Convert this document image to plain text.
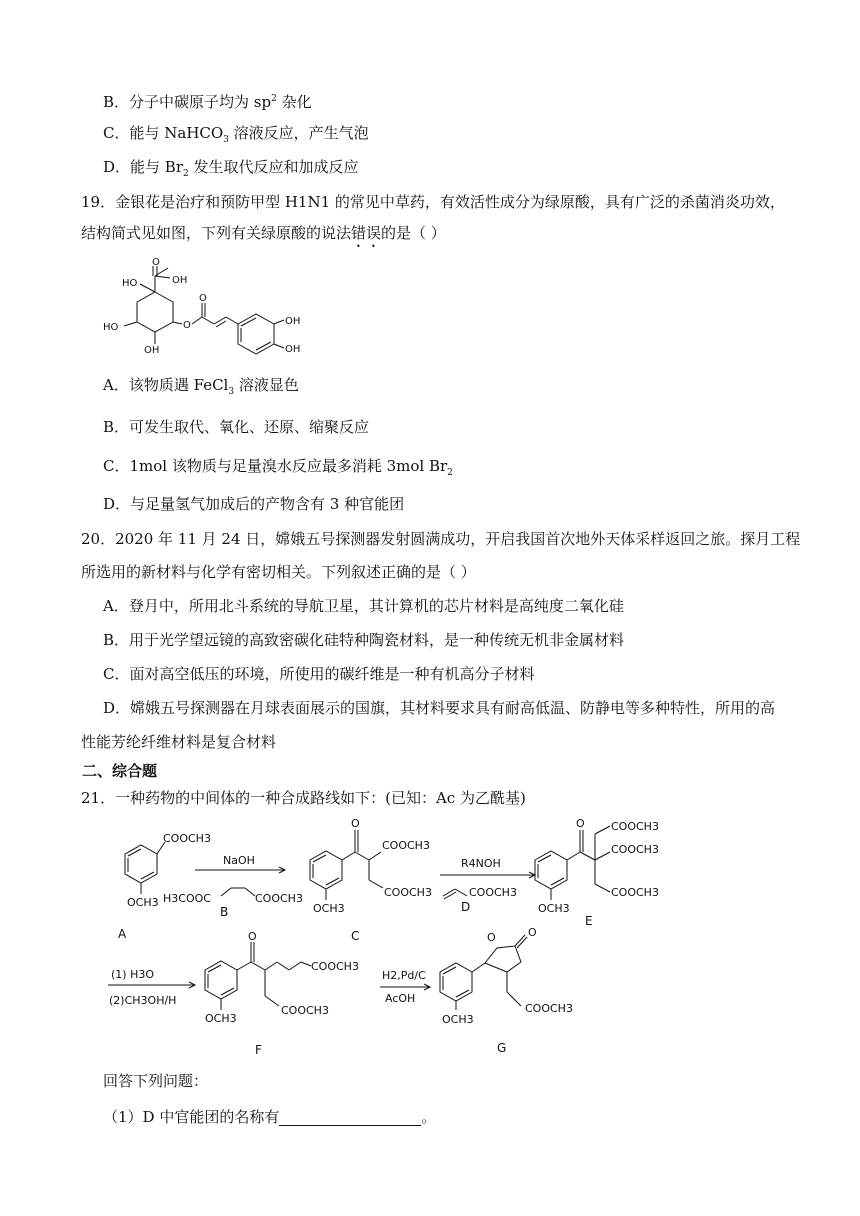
B．分子中碳原子均为 $sp^2$ 杂化
C．能与 NaHCO$_3$ 溶液反应，产生气泡
D．能与 $Br_2$ 发生取代反应和加成反应
19．金银花是治疗和预防甲型 H1N1 的常见中草药，有效活性成分为绿原酸，具有广泛的杀菌消炎功效，
结构简式见如图，下列有关绿原酸的说法错误的是（ ）
HO
O
OH
HO
OH
O
O
OH
OH
A．该物质遇 FeCl$_3$ 溶液显色
B．可发生取代、氧化、还原、缩聚反应
C．1mol 该物质与足量溴水反应最多消耗 3mol $Br_2$
D．与足量氢气加成后的产物含有 3 种官能团
20．2020 年 11 月 24 日，嫦娥五号探测器发射圆满成功，开启我国首次地外天体采样返回之旅。探月工程
所选用的新材料与化学有密切相关。下列叙述正确的是（ ）
A．登月中，所用北斗系统的导航卫星，其计算机的芯片材料是高纯度二氧化硅
B．用于光学望远镜的高致密碳化硅特种陶瓷材料，是一种传统无机非金属材料
C．面对高空低压的环境，所使用的碳纤维是一种有机高分子材料
D．嫦娥五号探测器在月球表面展示的国旗，其材料要求具有耐高低温、防静电等多种特性，所用的高
性能芳纶纤维材料是复合材料
二、综合题
21．一种药物的中间体的一种合成路线如下：(已知：Ac 为乙酰基)
COOCH3
OCH3
A
NaOH
H3COOC	COOCH3
B
O
COOCH3
COOCH3
OCH3
C
R4NOH
COOCH3
D
O COOCH3
COOCH3
COOCH3
OCH3
E
(1) H3O
(2)CH3OH/H
O
COOCH3
COOCH3
OCH3
F
H2,Pd/C
AcOH
O	O
COOCH3
OCH3
G
回答下列问题：
（1）D 中官能团的名称有	。
